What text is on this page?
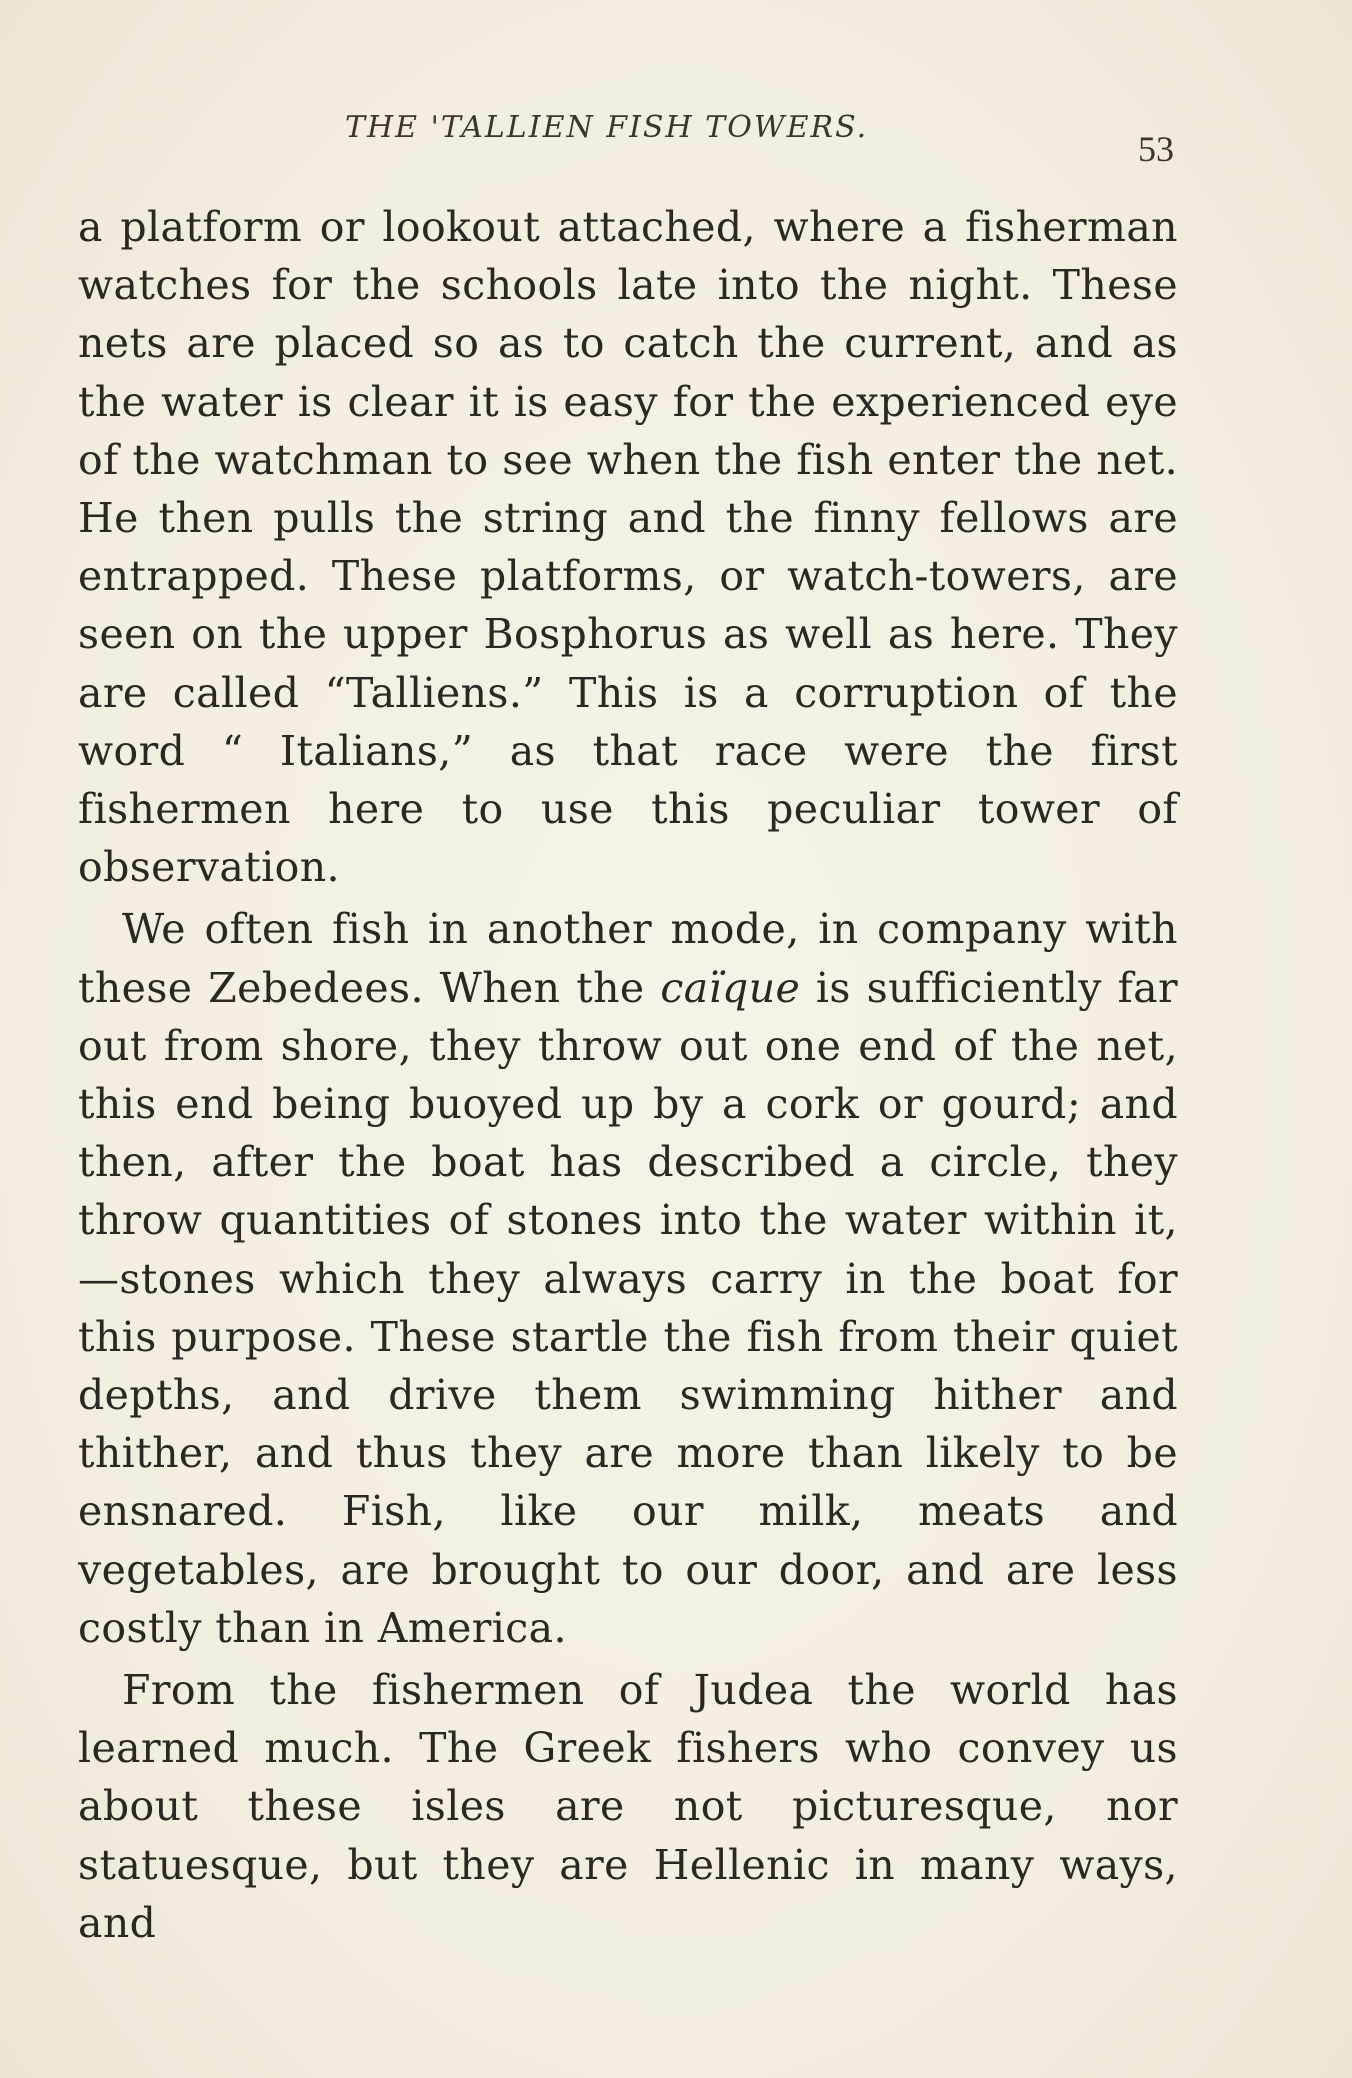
THE 'TALLIEN FISH TOWERS.
53

a platform or lookout attached, where a fisherman watches for the schools late into the night. These nets are placed so as to catch the current, and as the water is clear it is easy for the experienced eye of the watchman to see when the fish enter the net. He then pulls the string and the finny fellows are entrapped. These platforms, or watch-towers, are seen on the upper Bosphorus as well as here. They are called “Talliens.” This is a corruption of the word “ Italians,” as that race were the first fishermen here to use this peculiar tower of observation.

We often fish in another mode, in company with these Zebedees. When the caïque is sufficiently far out from shore, they throw out one end of the net, this end being buoyed up by a cork or gourd; and then, after the boat has described a circle, they throw quantities of stones into the water within it,—stones which they always carry in the boat for this purpose. These startle the fish from their quiet depths, and drive them swimming hither and thither, and thus they are more than likely to be ensnared. Fish, like our milk, meats and vegetables, are brought to our door, and are less costly than in America.

From the fishermen of Judea the world has learned much. The Greek fishers who convey us about these isles are not picturesque, nor statuesque, but they are Hellenic in many ways, and
